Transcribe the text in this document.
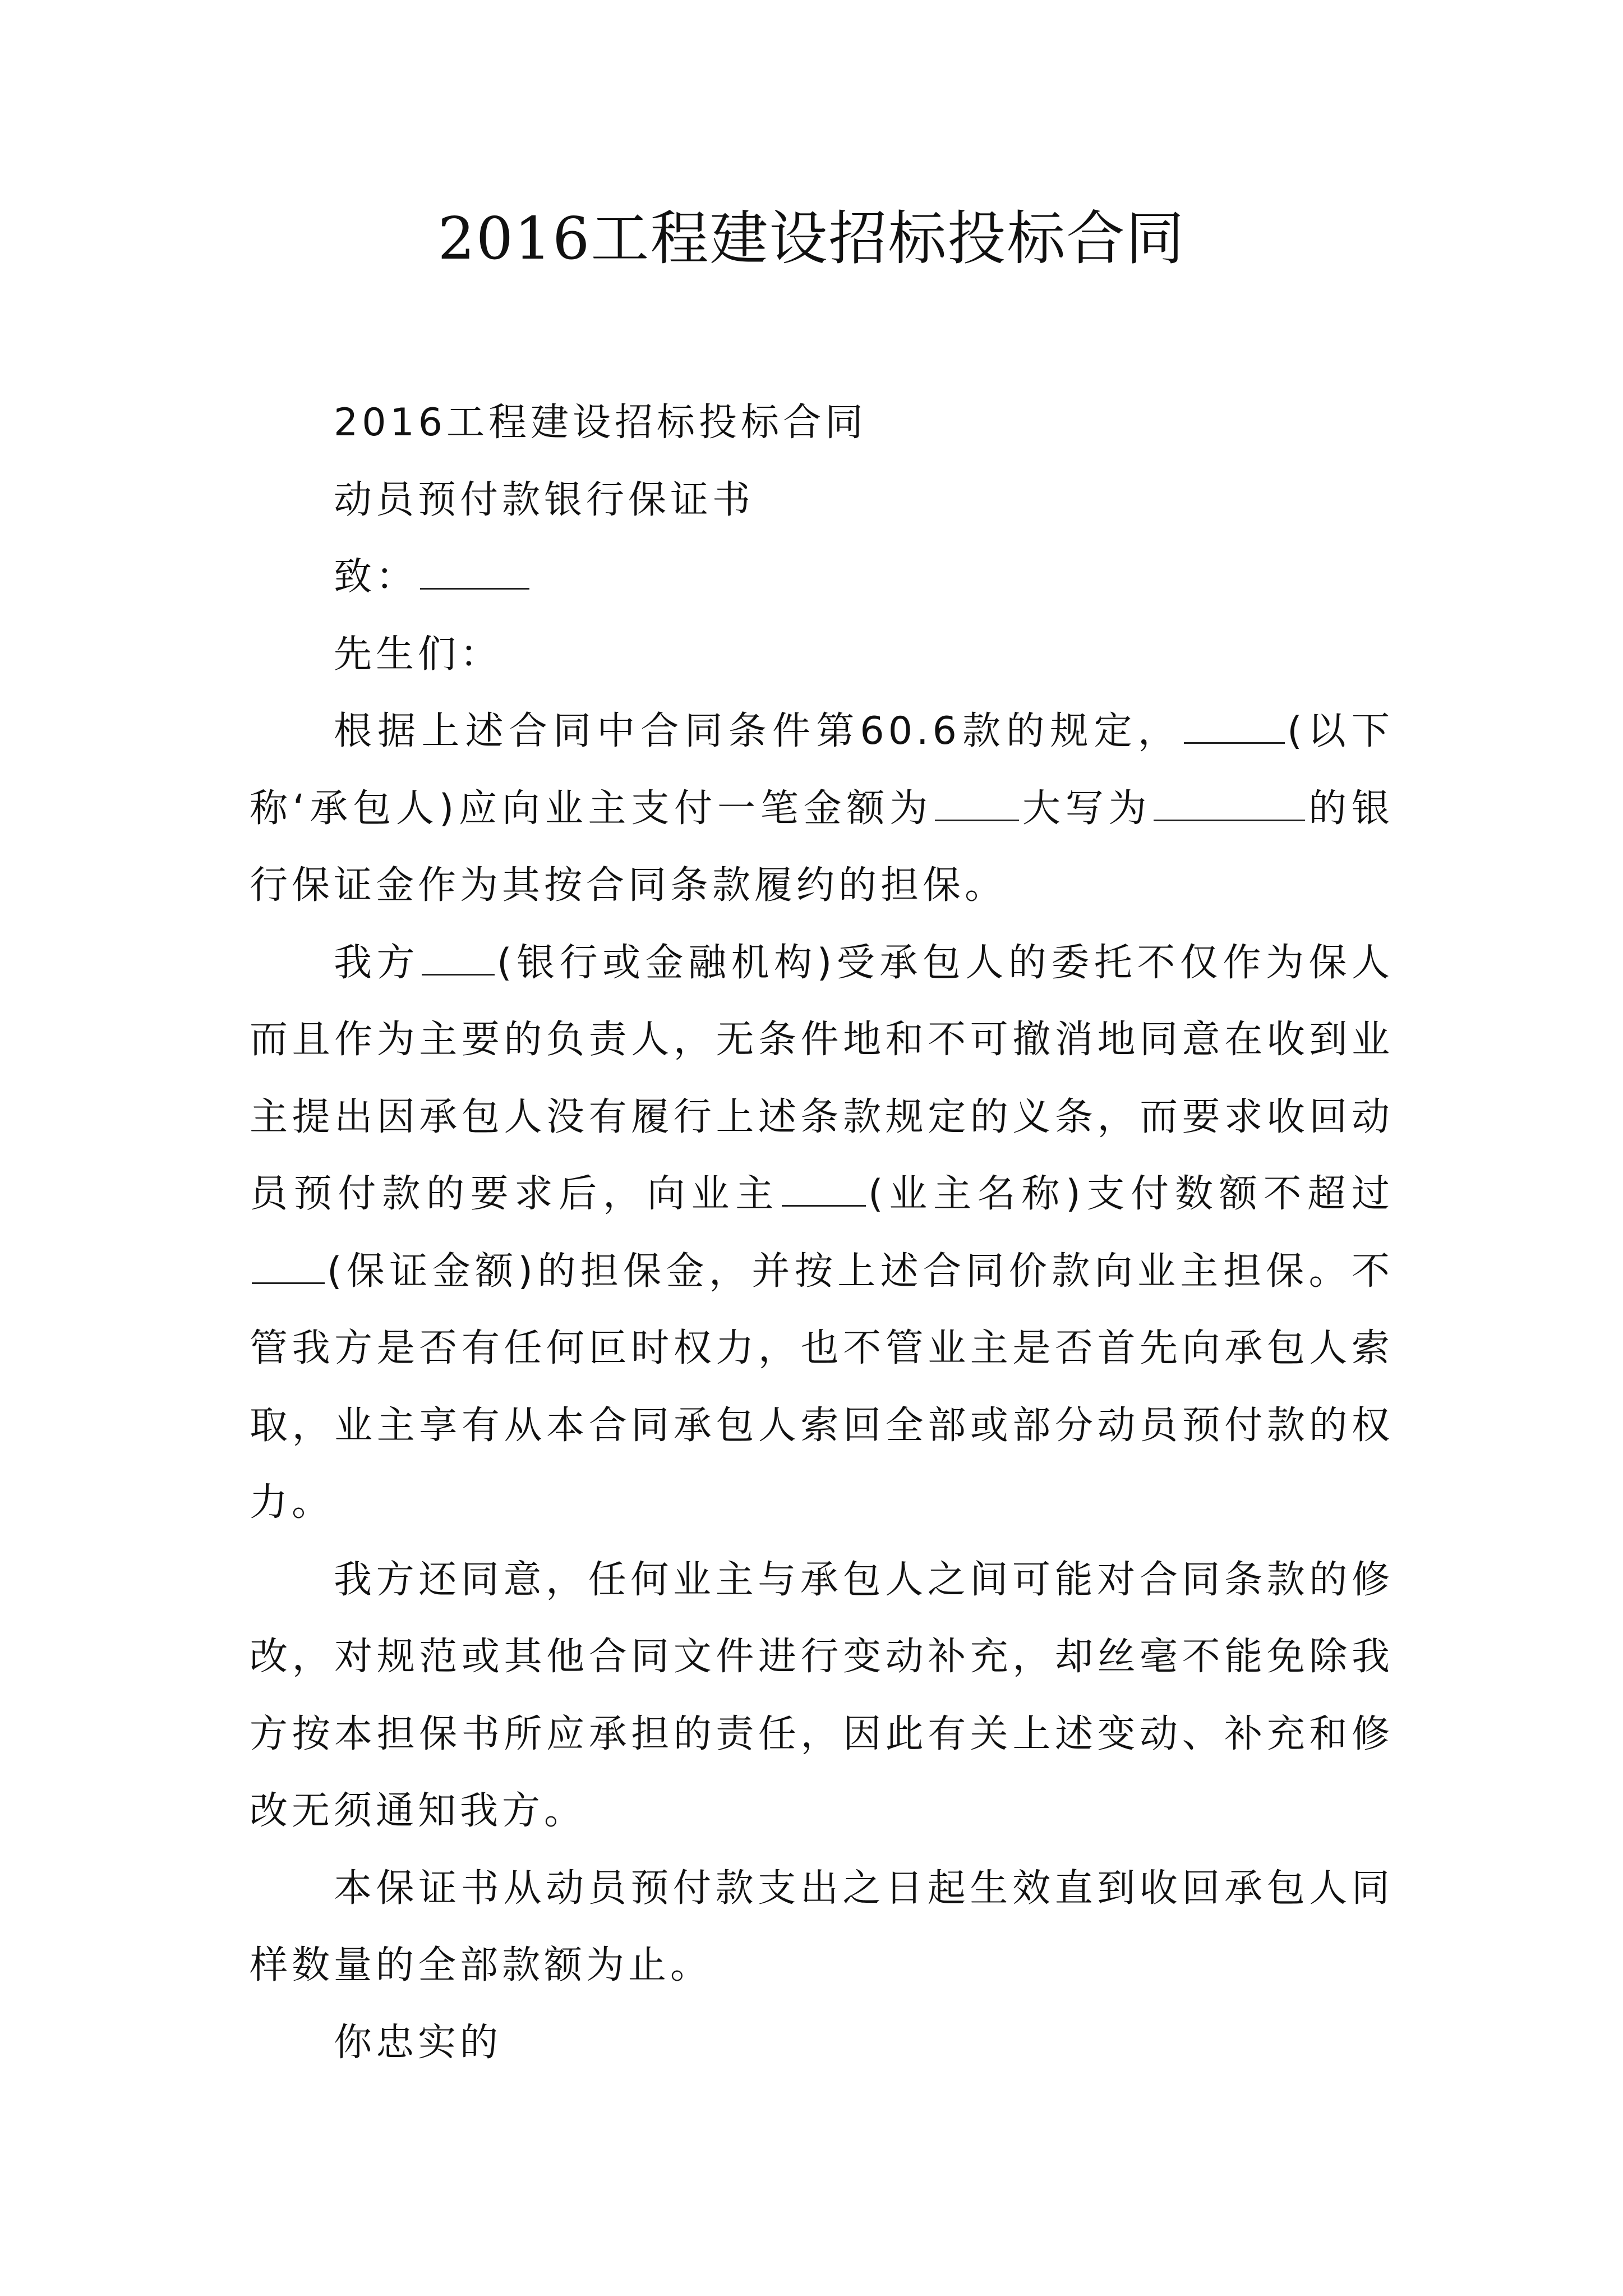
2016工程建设招标投标合同

2016工程建设招标投标合同

动员预付款银行保证书

致：

先生们：

根据上述合同中合同条件第60.6款的规定，	(以下称‘承包人)应向业主支付一笔金额为 大写为	的银行保证金作为其按合同条款履约的担保。

我方 (银行或金融机构)受承包人的委托不仅作为保人而且作为主要的负责人，无条件地和不可撤消地同意在收到业主提出因承包人没有履行上述条款规定的义条，而要求收回动员预付款的要求后，向业主 (业主名称)支付数额不超过(保证金额)的担保金，并按上述合同价款向业主担保。不管我方是否有任何叵时权力，也不管业主是否首先向承包人索取，业主享有从本合同承包人索回全部或部分动员预付款的权力。

我方还同意，任何业主与承包人之间可能对合同条款的修改，对规范或其他合同文件进行变动补充，却丝毫不能免除我方按本担保书所应承担的责任，因此有关上述变动、补充和修改无须通知我方。

本保证书从动员预付款支出之日起生效直到收回承包人同样数量的全部款额为止。

你忠实的
